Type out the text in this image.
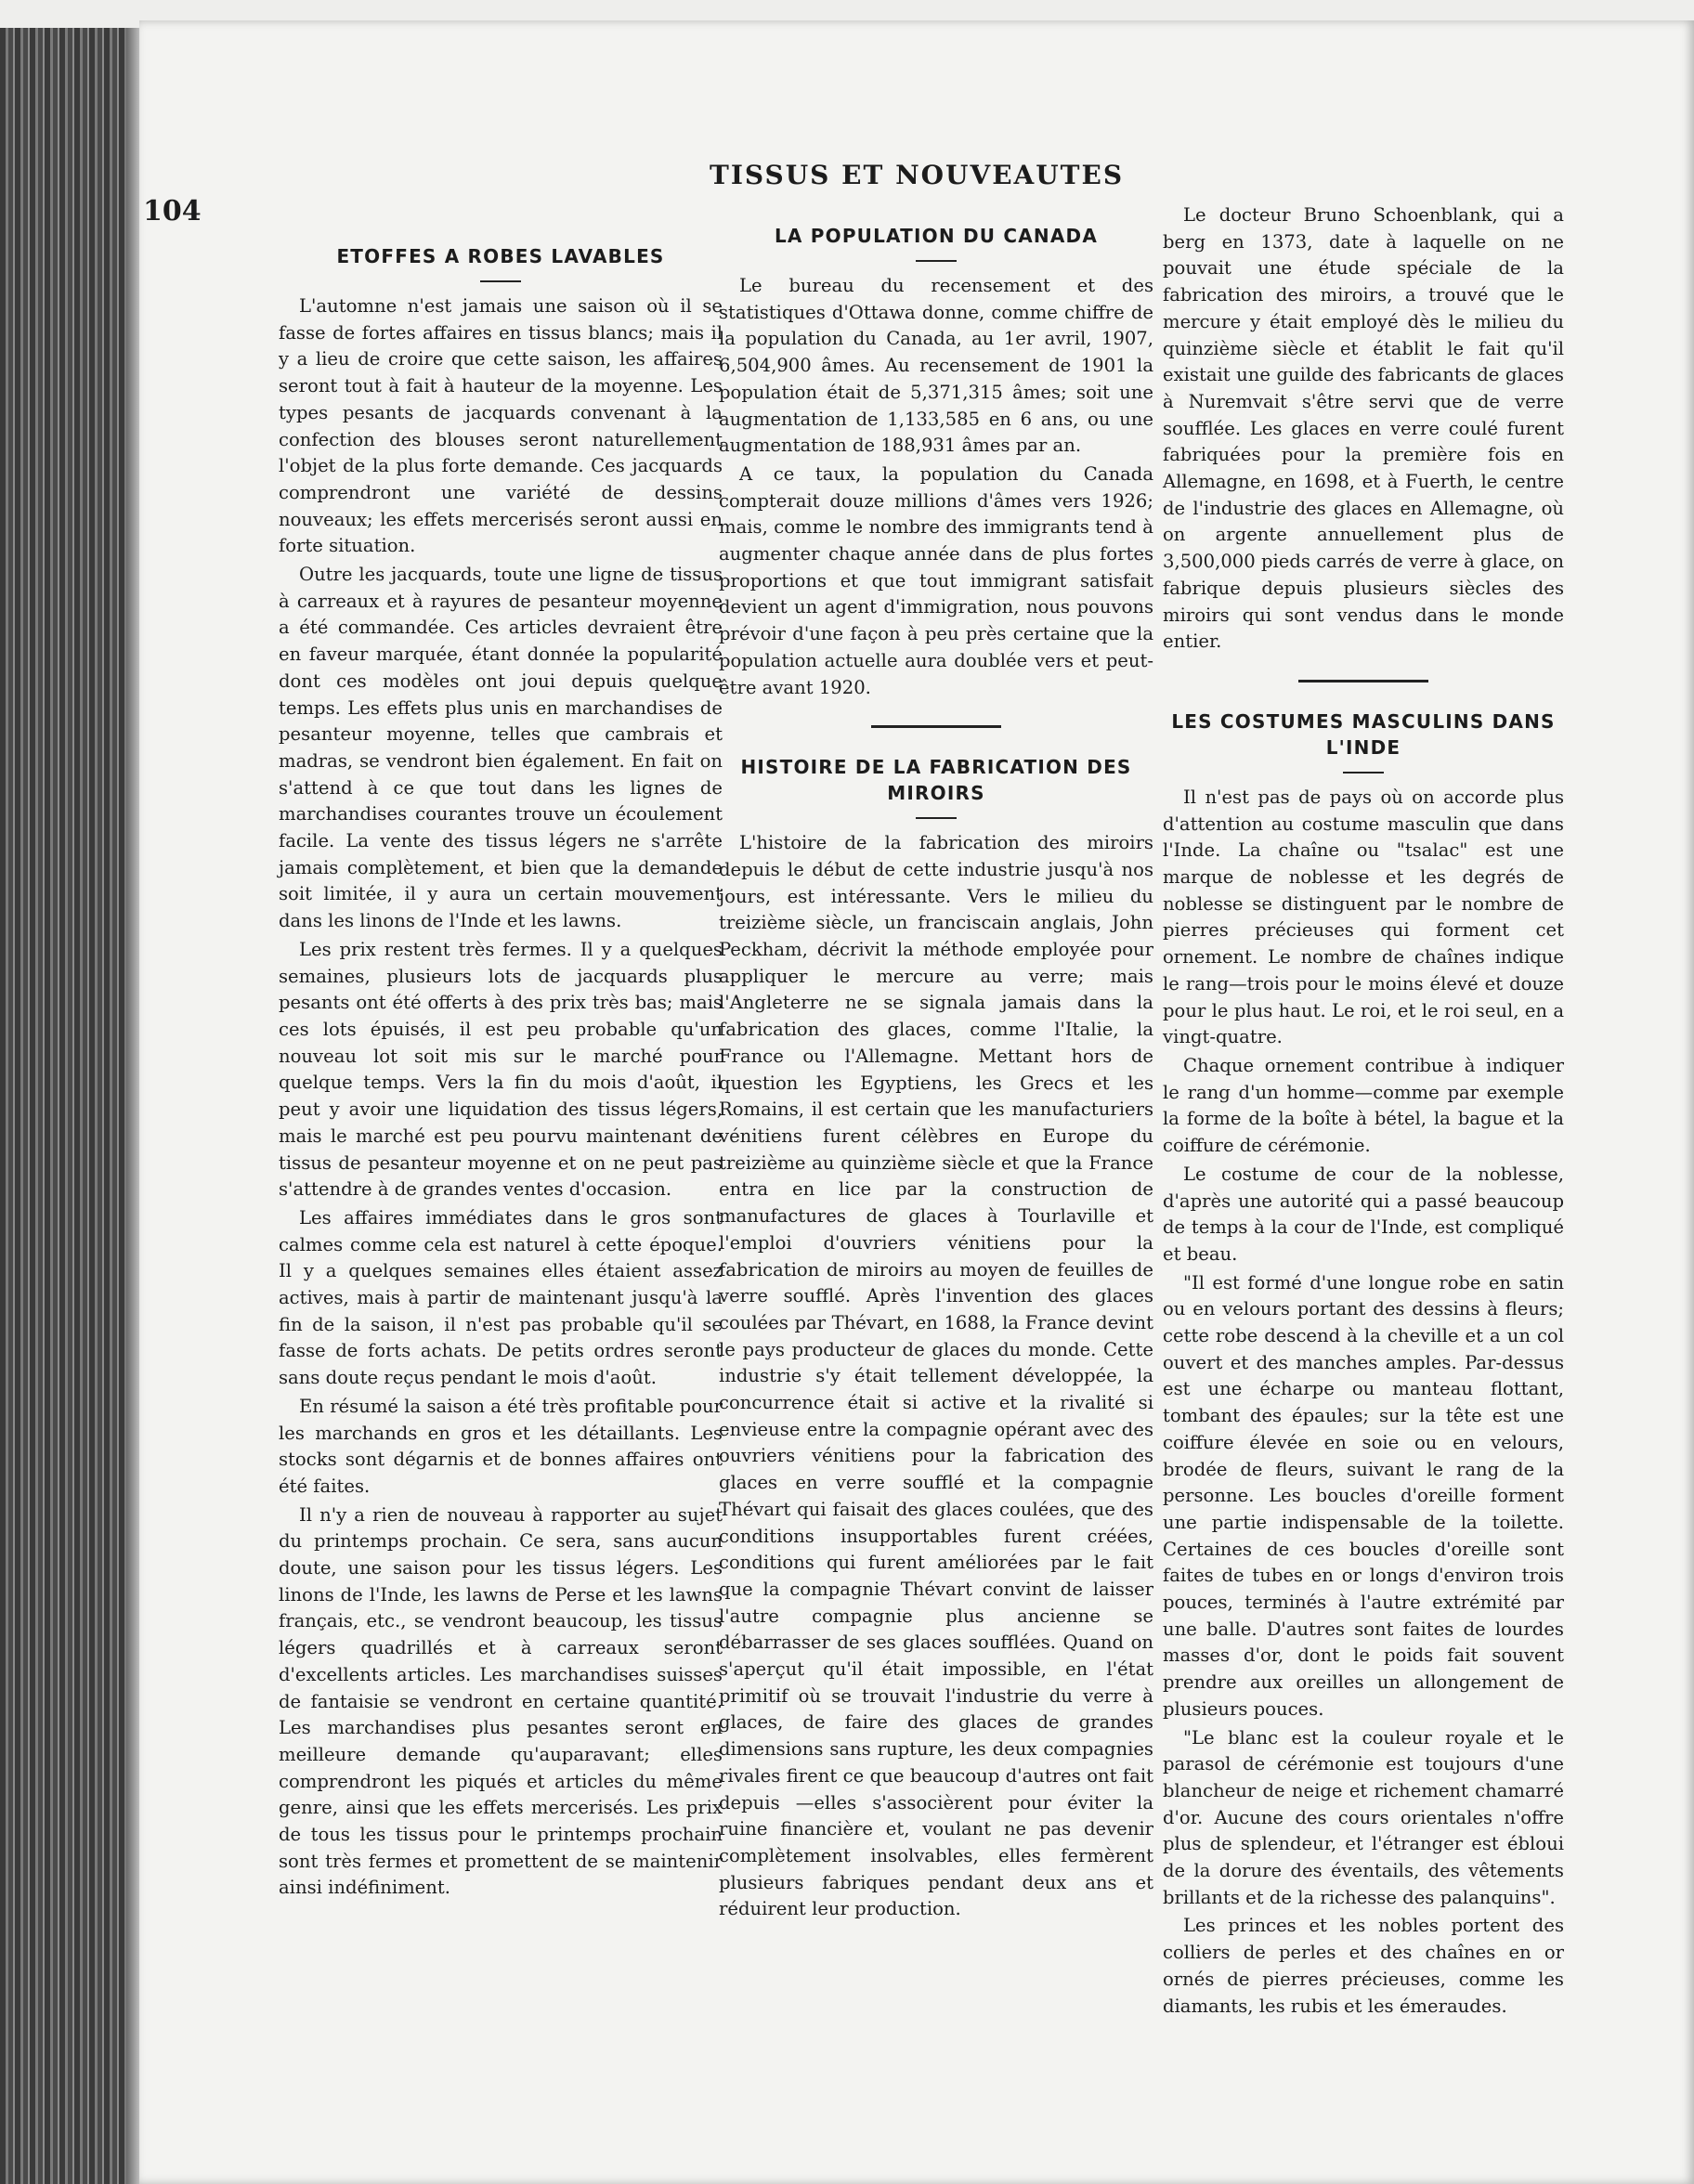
104
TISSUS ET NOUVEAUTES
ETOFFES A ROBES LAVABLES

L'automne n'est jamais une saison où il se fasse de fortes affaires en tissus blancs; mais il y a lieu de croire que cette saison, les affaires seront tout à fait à hauteur de la moyenne. Les types pesants de jacquards convenant à la confection des blouses seront naturellement l'objet de la plus forte demande. Ces jacquards comprendront une variété de dessins nouveaux; les effets mercerisés seront aussi en forte situation.

Outre les jacquards, toute une ligne de tissus à carreaux et à rayures de pesanteur moyenne a été commandée. Ces articles devraient être en faveur marquée, étant donnée la popularité dont ces modèles ont joui depuis quelque temps. Les effets plus unis en marchandises de pesanteur moyenne, telles que cambrais et madras, se vendront bien également. En fait on s'attend à ce que tout dans les lignes de marchandises courantes trouve un écoulement facile. La vente des tissus légers ne s'arrête jamais complètement, et bien que la demande soit limitée, il y aura un certain mouvement dans les linons de l'Inde et les lawns.

Les prix restent très fermes. Il y a quelques semaines, plusieurs lots de jacquards plus pesants ont été offerts à des prix très bas; mais ces lots épuisés, il est peu probable qu'un nouveau lot soit mis sur le marché pour quelque temps. Vers la fin du mois d'août, il peut y avoir une liquidation des tissus légers, mais le marché est peu pourvu maintenant de tissus de pesanteur moyenne et on ne peut pas s'attendre à de grandes ventes d'occasion.

Les affaires immédiates dans le gros sont calmes comme cela est naturel à cette époque. Il y a quelques semaines elles étaient assez actives, mais à partir de maintenant jusqu'à la fin de la saison, il n'est pas probable qu'il se fasse de forts achats. De petits ordres seront sans doute reçus pendant le mois d'août.

En résumé la saison a été très profitable pour les marchands en gros et les détaillants. Les stocks sont dégarnis et de bonnes affaires ont été faites.

Il n'y a rien de nouveau à rapporter au sujet du printemps prochain. Ce sera, sans aucun doute, une saison pour les tissus légers. Les linons de l'Inde, les lawns de Perse et les lawns français, etc., se vendront beaucoup, les tissus légers quadrillés et à carreaux seront d'excellents articles. Les marchandises suisses de fantaisie se vendront en certaine quantité. Les marchandises plus pesantes seront en meilleure demande qu'auparavant; elles comprendront les piqués et articles du même genre, ainsi que les effets mercerisés. Les prix de tous les tissus pour le printemps prochain sont très fermes et promettent de se maintenir ainsi indéfiniment.

LA POPULATION DU CANADA

Le bureau du recensement et des statistiques d'Ottawa donne, comme chiffre de la population du Canada, au 1er avril, 1907, 6,504,900 âmes. Au recensement de 1901 la population était de 5,371,315 âmes; soit une augmentation de 1,133,585 en 6 ans, ou une augmentation de 188,931 âmes par an.

A ce taux, la population du Canada compterait douze millions d'âmes vers 1926; mais, comme le nombre des immigrants tend à augmenter chaque année dans de plus fortes proportions et que tout immigrant satisfait devient un agent d'immigration, nous pouvons prévoir d'une façon à peu près certaine que la population actuelle aura doublée vers et peut-être avant 1920.

HISTOIRE DE LA FABRICATION DES MIROIRS

L'histoire de la fabrication des miroirs depuis le début de cette industrie jusqu'à nos jours, est intéressante. Vers le milieu du treizième siècle, un franciscain anglais, John Peckham, décrivit la méthode employée pour appliquer le mercure au verre; mais l'Angleterre ne se signala jamais dans la fabrication des glaces, comme l'Italie, la France ou l'Allemagne. Mettant hors de question les Egyptiens, les Grecs et les Romains, il est certain que les manufacturiers vénitiens furent célèbres en Europe du treizième au quinzième siècle et que la France entra en lice par la construction de manufactures de glaces à Tourlaville et l'emploi d'ouvriers vénitiens pour la fabrication de miroirs au moyen de feuilles de verre soufflé. Après l'invention des glaces coulées par Thévart, en 1688, la France devint le pays producteur de glaces du monde. Cette industrie s'y était tellement développée, la concurrence était si active et la rivalité si envieuse entre la compagnie opérant avec des ouvriers vénitiens pour la fabrication des glaces en verre soufflé et la compagnie Thévart qui faisait des glaces coulées, que des conditions insupportables furent créées, conditions qui furent améliorées par le fait que la compagnie Thévart convint de laisser l'autre compagnie plus ancienne se débarrasser de ses glaces soufflées. Quand on s'aperçut qu'il était impossible, en l'état primitif où se trouvait l'industrie du verre à glaces, de faire des glaces de grandes dimensions sans rupture, les deux compagnies rivales firent ce que beaucoup d'autres ont fait depuis —elles s'associèrent pour éviter la ruine financière et, voulant ne pas devenir complètement insolvables, elles fermèrent plusieurs fabriques pendant deux ans et réduirent leur production.

Le docteur Bruno Schoenblank, qui a berg en 1373, date à laquelle on ne pouvait une étude spéciale de la fabrication des miroirs, a trouvé que le mercure y était employé dès le milieu du quinzième siècle et établit le fait qu'il existait une guilde des fabricants de glaces à Nuremvait s'être servi que de verre soufflée. Les glaces en verre coulé furent fabriquées pour la première fois en Allemagne, en 1698, et à Fuerth, le centre de l'industrie des glaces en Allemagne, où on argente annuellement plus de 3,500,000 pieds carrés de verre à glace, on fabrique depuis plusieurs siècles des miroirs qui sont vendus dans le monde entier.

LES COSTUMES MASCULINS DANS L'INDE

Il n'est pas de pays où on accorde plus d'attention au costume masculin que dans l'Inde. La chaîne ou "tsalac" est une marque de noblesse et les degrés de noblesse se distinguent par le nombre de pierres précieuses qui forment cet ornement. Le nombre de chaînes indique le rang—trois pour le moins élevé et douze pour le plus haut. Le roi, et le roi seul, en a vingt-quatre.

Chaque ornement contribue à indiquer le rang d'un homme—comme par exemple la forme de la boîte à bétel, la bague et la coiffure de cérémonie.

Le costume de cour de la noblesse, d'après une autorité qui a passé beaucoup de temps à la cour de l'Inde, est compliqué et beau.

"Il est formé d'une longue robe en satin ou en velours portant des dessins à fleurs; cette robe descend à la cheville et a un col ouvert et des manches amples. Par-dessus est une écharpe ou manteau flottant, tombant des épaules; sur la tête est une coiffure élevée en soie ou en velours, brodée de fleurs, suivant le rang de la personne. Les boucles d'oreille forment une partie indispensable de la toilette. Certaines de ces boucles d'oreille sont faites de tubes en or longs d'environ trois pouces, terminés à l'autre extrémité par une balle. D'autres sont faites de lourdes masses d'or, dont le poids fait souvent prendre aux oreilles un allongement de plusieurs pouces.

"Le blanc est la couleur royale et le parasol de cérémonie est toujours d'une blancheur de neige et richement chamarré d'or. Aucune des cours orientales n'offre plus de splendeur, et l'étranger est ébloui de la dorure des éventails, des vêtements brillants et de la richesse des palanquins".

Les princes et les nobles portent des colliers de perles et des chaînes en or ornés de pierres précieuses, comme les diamants, les rubis et les émeraudes.
